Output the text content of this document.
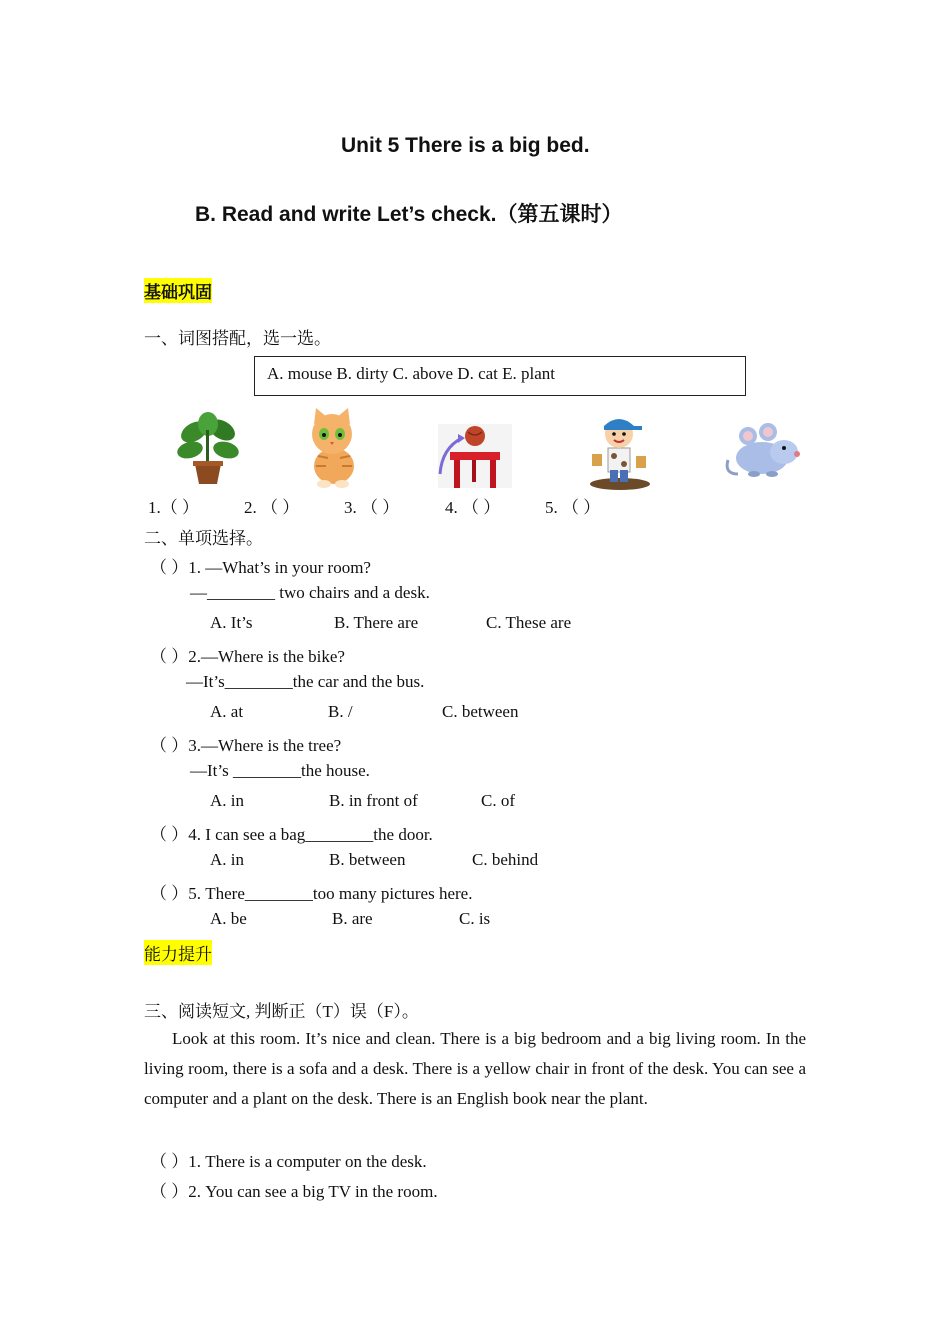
Unit 5 There is a big bed.
B. Read and write Let’s check.（第五课时）
基础巩固
一、词图搭配，选一选。
A. mouse B. dirty C. above D. cat E. plant
1.（ ）	2. （ ）	3. （ ）	4. （ ）	5. （ ）
二、单项选择。
（ ）1. —What’s in your room?
—________ two chairs and a desk.
A. It’s	B. There are	C. These are
（ ）2.—Where is the bike?
—It’s________the car and the bus.
A. at	B. /	C. between
（ ）3.—Where is the tree?
—It’s ________the house.
A. in	B. in front of	C. of
（ ）4. I can see a bag________the door.
A. in	B. between	C. behind
（ ）5. There________too many pictures here.
A. be	B. are	C. is
能力提升
三、阅读短文, 判断正（T）误（F）。
Look at this room. It’s nice and clean. There is a big bedroom and a big living room. In the living room, there is a sofa and a desk. There is a yellow chair in front of the desk. You can see a computer and a plant on the desk. There is an English book near the plant.
（ ）1. There is a computer on the desk.
（ ）2. You can see a big TV in the room.
